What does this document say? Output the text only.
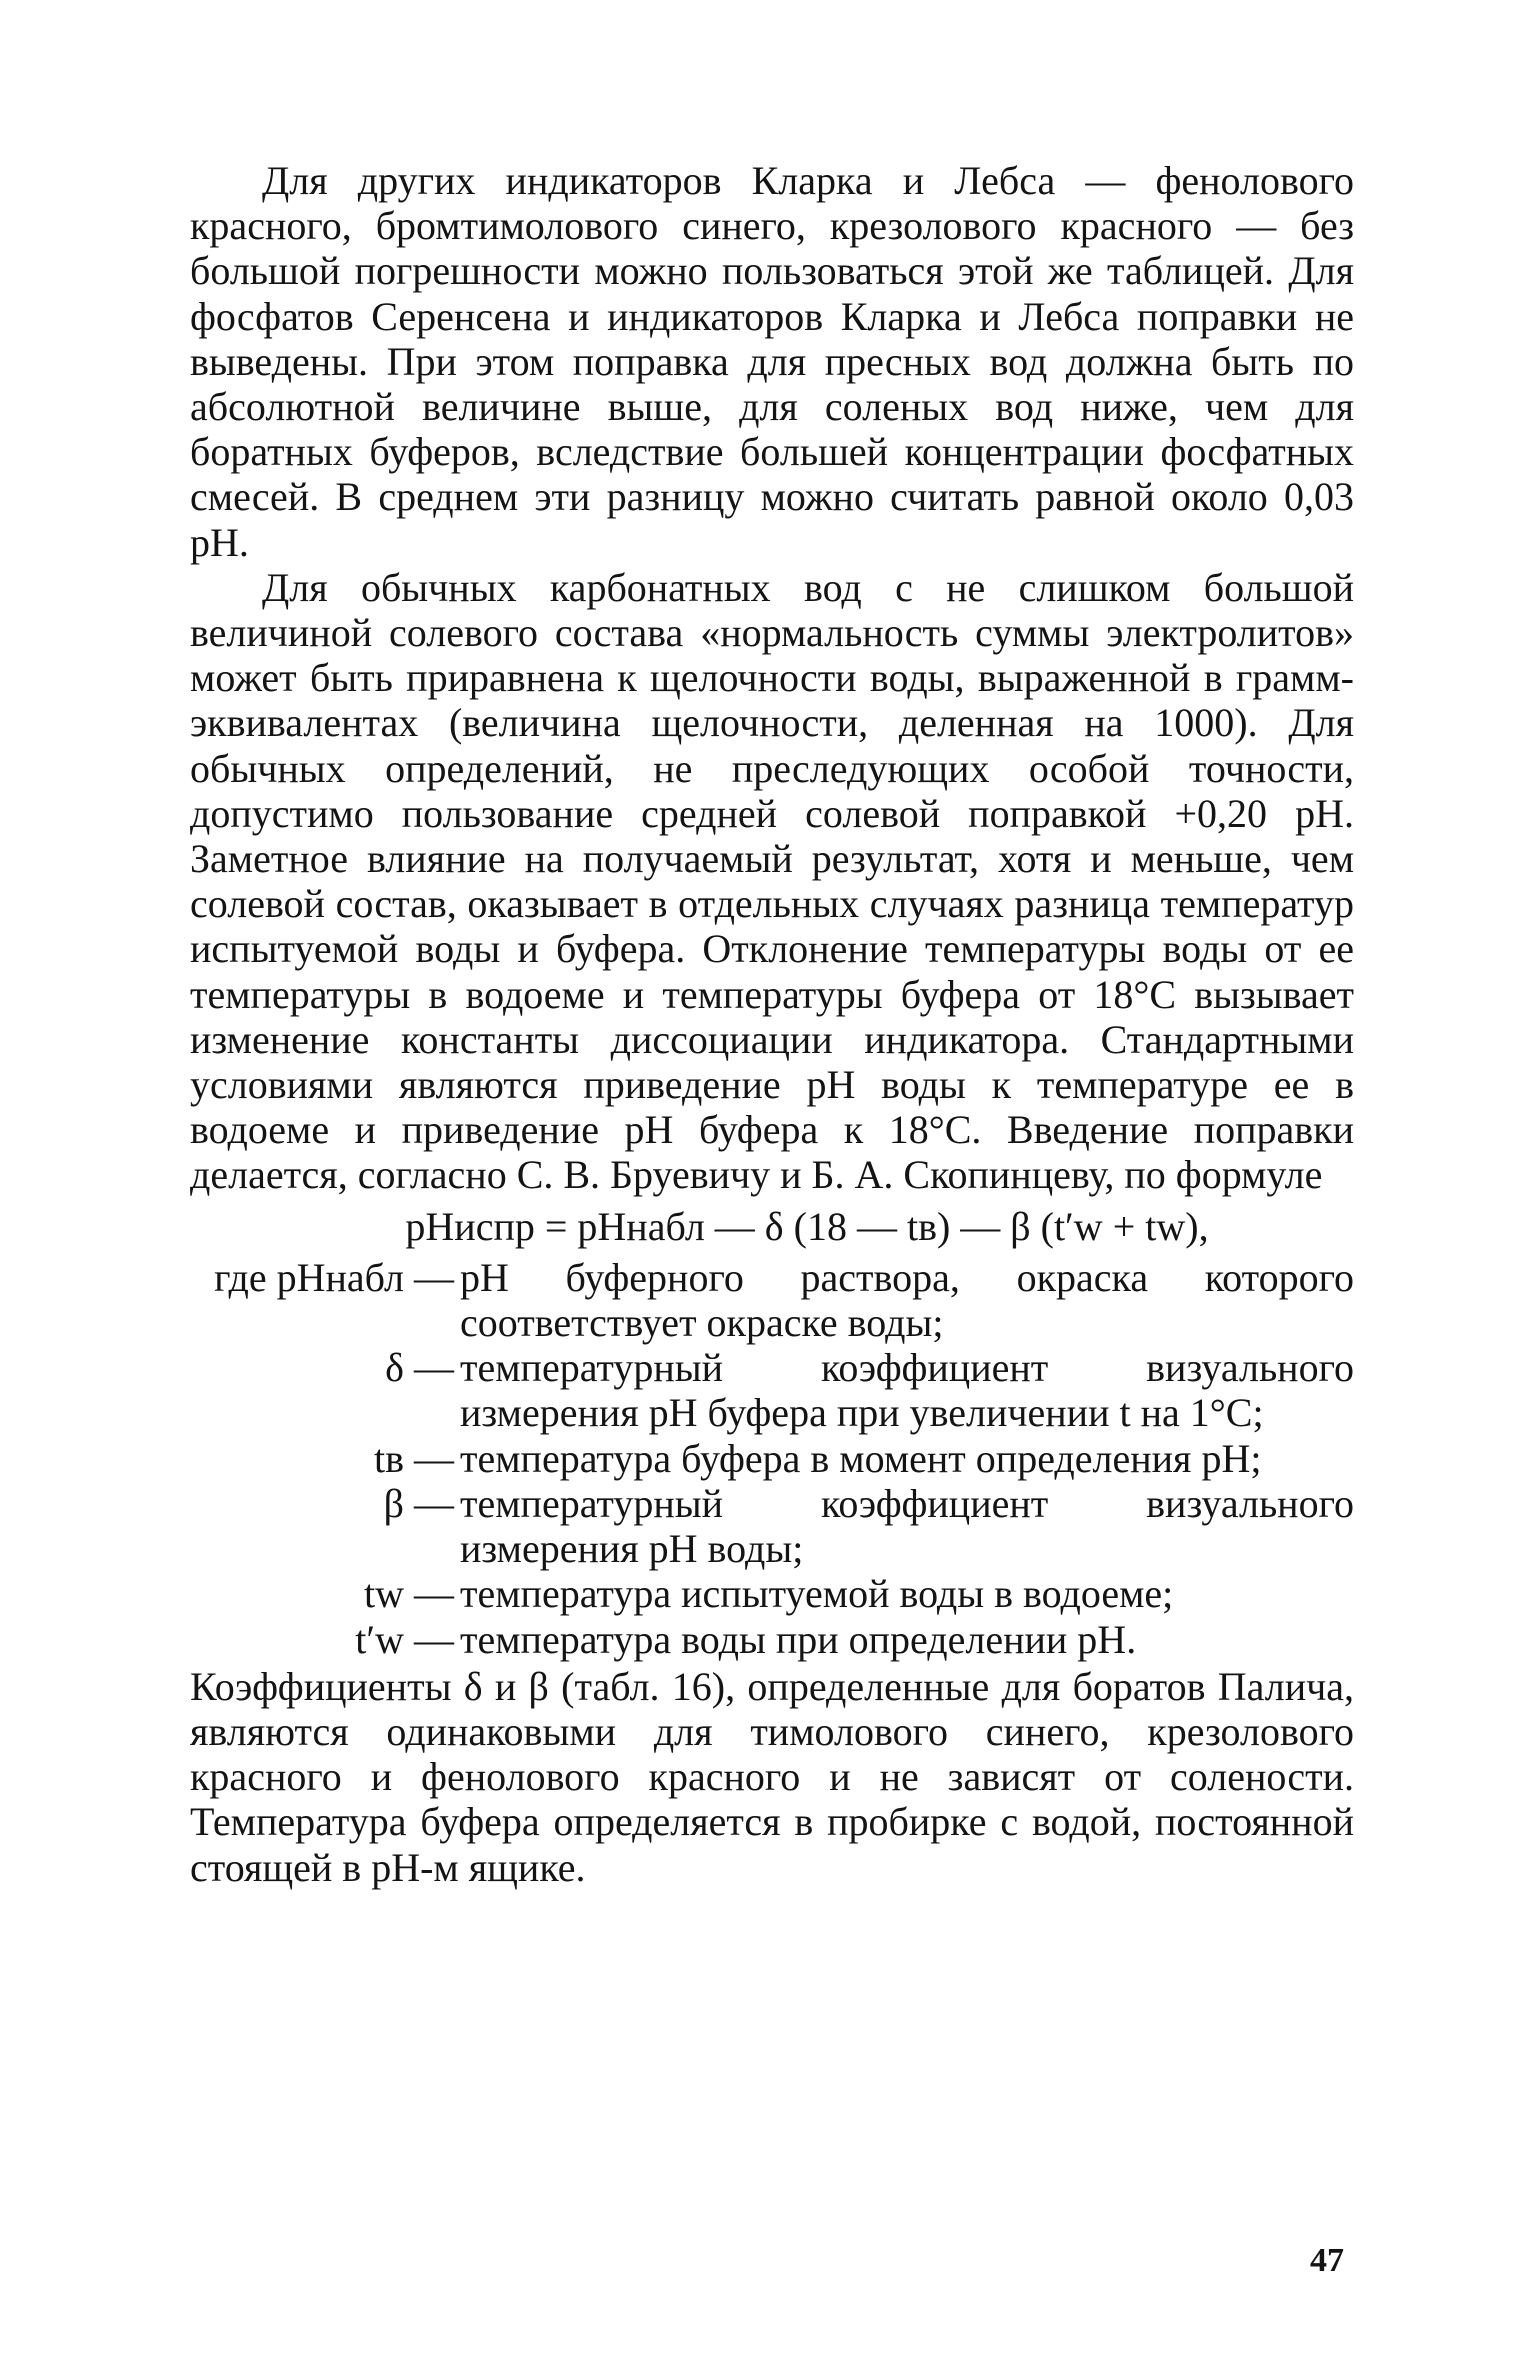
Для других индикаторов Кларка и Лебса — фенолового красного, бромтимолового синего, крезолового красного — без большой погрешности можно пользоваться этой же таблицей. Для фосфатов Серенсена и индикаторов Кларка и Лебса поправки не выведены. При этом поправка для пресных вод должна быть по абсолютной величине выше, для соленых вод ниже, чем для боратных буферов, вследствие большей концентрации фосфатных смесей. В среднем эти разницу можно считать равной около 0,03 pH.

Для обычных карбонатных вод с не слишком большой величиной солевого состава «нормальность суммы электролитов» может быть приравнена к щелочности воды, выраженной в грамм-эквивалентах (величина щелочности, деленная на 1000). Для обычных определений, не преследующих особой точности, допустимо пользование средней солевой поправкой +0,20 pH. Заметное влияние на получаемый результат, хотя и меньше, чем солевой состав, оказывает в отдельных случаях разница температур испытуемой воды и буфера. Отклонение температуры воды от ее температуры в водоеме и температуры буфера от 18°C вызывает изменение константы диссоциации индикатора. Стандартными условиями являются приведение pH воды к температуре ее в водоеме и приведение pH буфера к 18°C. Введение поправки делается, согласно С. В. Бруевичу и Б. А. Скопинцеву, по формуле

pHиспр = pHнабл — δ (18 — tв) — β (t′w + tw),
где pHнабл — pH буферного раствора, окраска которого соответствует окраске воды;
δ — температурный коэффициент визуального измерения pH буфера при увеличении t на 1°C;
tв — температура буфера в момент определения pH;
β — температурный коэффициент визуального измерения pH воды;
tw — температура испытуемой воды в водоеме;
t′w — температура воды при определении pH.

Коэффициенты δ и β (табл. 16), определенные для боратов Палича, являются одинаковыми для тимолового синего, крезолового красного и фенолового красного и не зависят от солености. Температура буфера определяется в пробирке с водой, постоянной стоящей в pH-м ящике.

47
